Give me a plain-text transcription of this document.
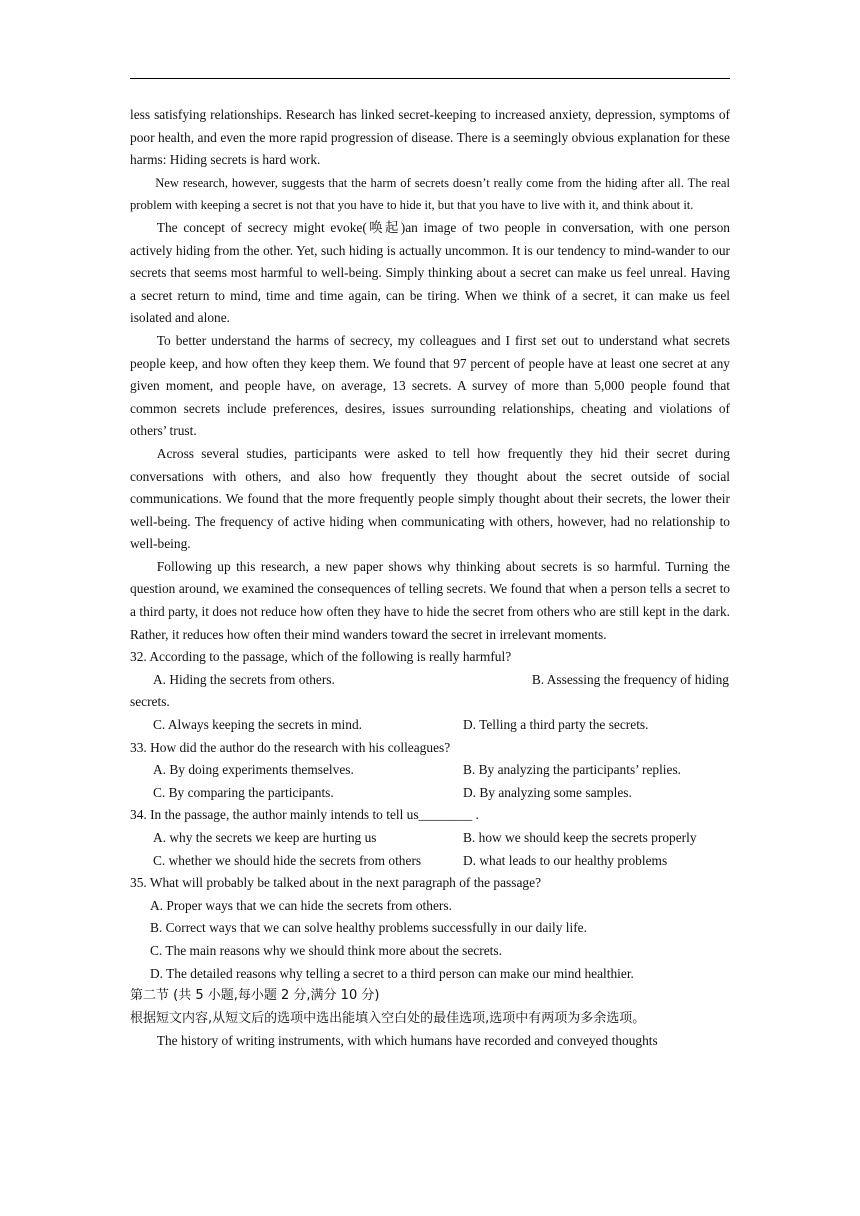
less satisfying relationships. Research has linked secret-keeping to increased anxiety, depression, symptoms of poor health, and even the more rapid progression of disease. There is a seemingly obvious explanation for these harms: Hiding secrets is hard work.

New research, however, suggests that the harm of secrets doesn’t really come from the hiding after all. The real problem with keeping a secret is not that you have to hide it, but that you have to live with it, and think about it.

The concept of secrecy might evoke(唤起)an image of two people in conversation, with one person actively hiding from the other. Yet, such hiding is actually uncommon. It is our tendency to mind-wander to our secrets that seems most harmful to well-being. Simply thinking about a secret can make us feel unreal. Having a secret return to mind, time and time again, can be tiring. When we think of a secret, it can make us feel isolated and alone.

To better understand the harms of secrecy, my colleagues and I first set out to understand what secrets people keep, and how often they keep them. We found that 97 percent of people have at least one secret at any given moment, and people have, on average, 13 secrets. A survey of more than 5,000 people found that common secrets include preferences, desires, issues surrounding relationships, cheating and violations of others’ trust.

Across several studies, participants were asked to tell how frequently they hid their secret during conversations with others, and also how frequently they thought about the secret outside of social communications. We found that the more frequently people simply thought about their secrets, the lower their well-being. The frequency of active hiding when communicating with others, however, had no relationship to well-being.

Following up this research, a new paper shows why thinking about secrets is so harmful. Turning the question around, we examined the consequences of telling secrets. We found that when a person tells a secret to a third party, it does not reduce how often they have to hide the secret from others who are still kept in the dark. Rather, it reduces how often their mind wanders toward the secret in irrelevant moments.

32. According to the passage, which of the following is really harmful?

A. Hiding the secrets from others.	B. Assessing the frequency of hiding
secrets.

C. Always keeping the secrets in mind.	D. Telling a third party the secrets.

33. How did the author do the research with his colleagues?

A. By doing experiments themselves.	B. By analyzing the participants’ replies.
C. By comparing the participants.	D. By analyzing some samples.

34. In the passage, the author mainly intends to tell us________ .

A. why the secrets we keep are hurting us	B. how we should keep the secrets properly
C. whether we should hide the secrets from others	D. what leads to our healthy problems

35. What will probably be talked about in the next paragraph of the passage?

A. Proper ways that we can hide the secrets from others.

B. Correct ways that we can solve healthy problems successfully in our daily life.

C. The main reasons why we should think more about the secrets.

D. The detailed reasons why telling a secret to a third person can make our mind healthier.

第二节 (共 5 小题,每小题 2 分,满分 10 分)

根据短文内容,从短文后的选项中选出能填入空白处的最佳选项,选项中有两项为多余选项。

The history of writing instruments, with which humans have recorded and conveyed thoughts
